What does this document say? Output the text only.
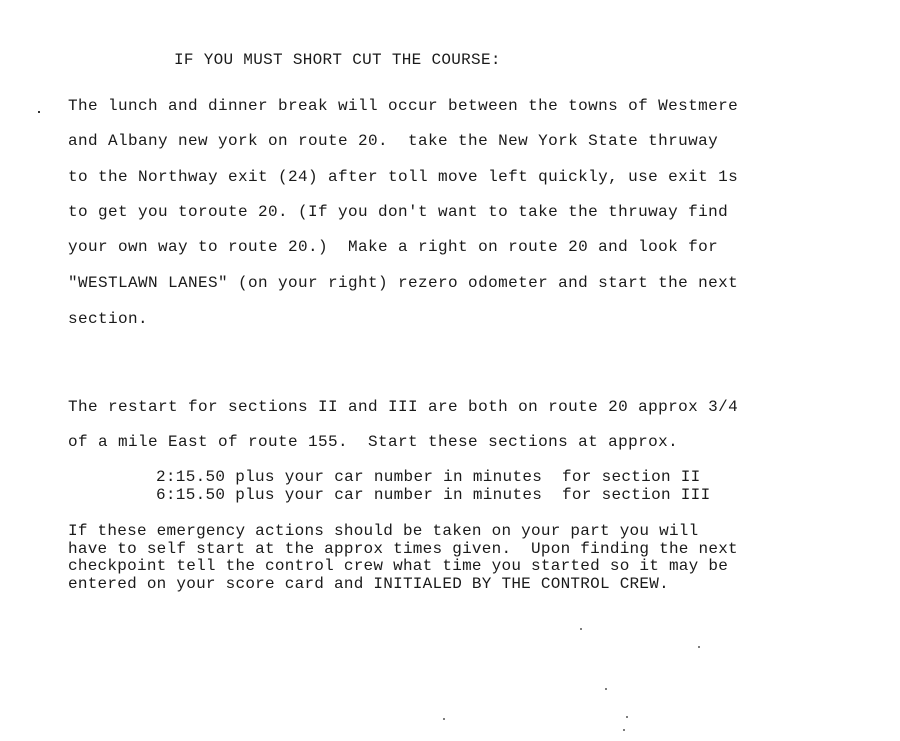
IF YOU MUST SHORT CUT THE COURSE:
The lunch and dinner break will occur between the towns of Westmere
and Albany new york on route 20.  take the New York State thruway
to the Northway exit (24) after toll move left quickly, use exit 1s
to get you toroute 20. (If you don't want to take the thruway find
your own way to route 20.)  Make a right on route 20 and look for
"WESTLAWN LANES" (on your right) rezero odometer and start the next
section.
The restart for sections II and III are both on route 20 approx 3/4
of a mile East of route 155.  Start these sections at approx.
2:15.50 plus your car number in minutes  for section II
6:15.50 plus your car number in minutes  for section III
If these emergency actions should be taken on your part you will
have to self start at the approx times given.  Upon finding the next
checkpoint tell the control crew what time you started so it may be
entered on your score card and INITIALED BY THE CONTROL CREW.
